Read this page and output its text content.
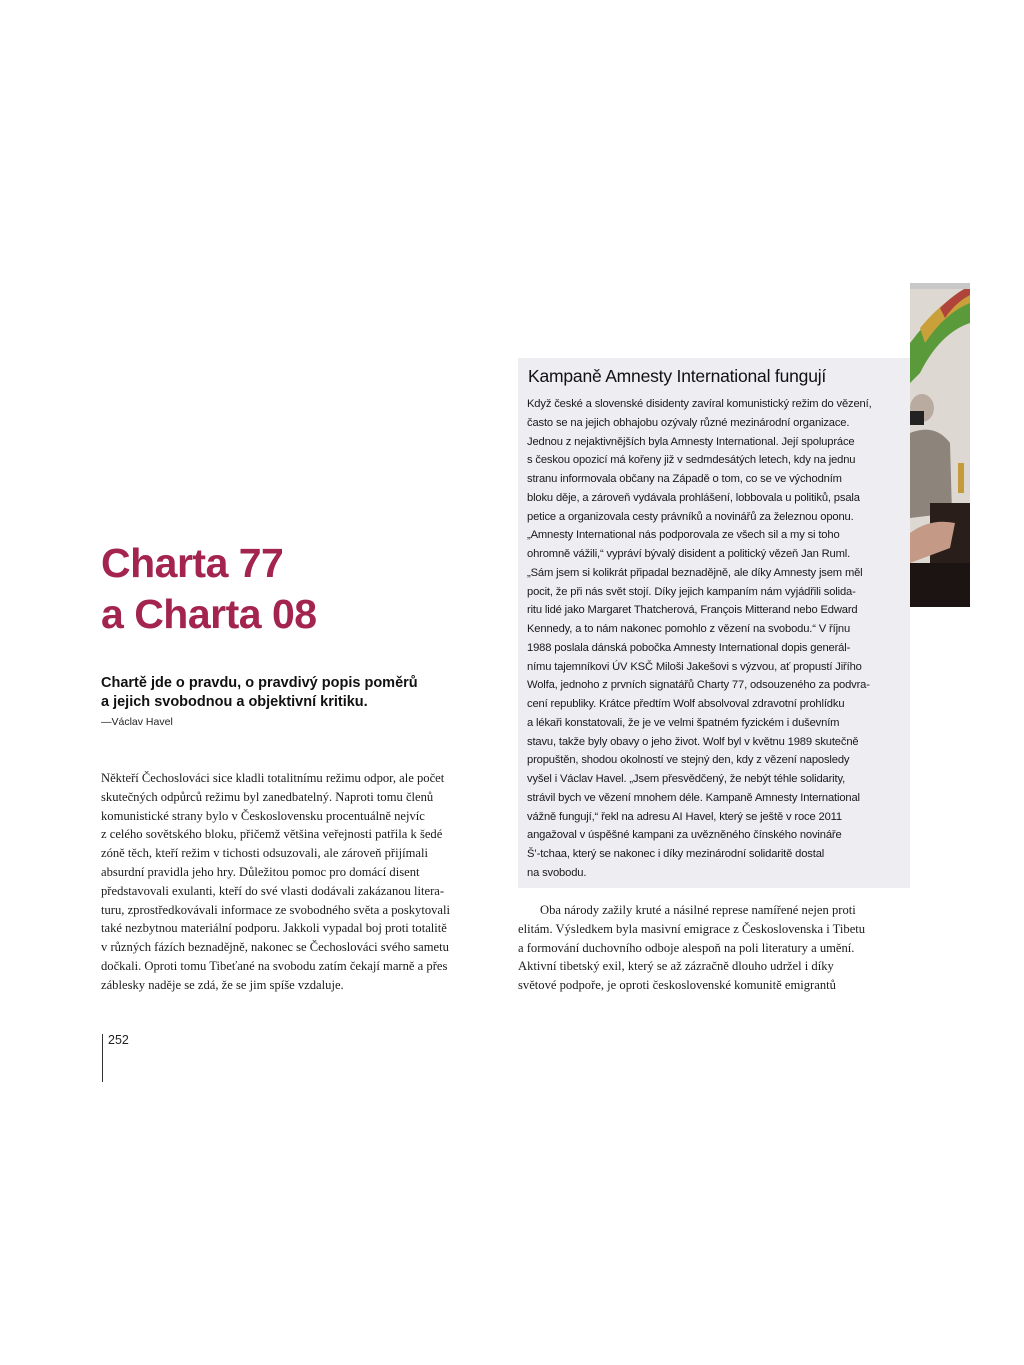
Charta 77
a Charta 08
Chartě jde o pravdu, o pravdivý popis poměrů
a jejich svobodnou a objektivní kritiku.
—Václav Havel
Někteří Čechoslováci sice kladli totalitnímu režimu odpor, ale počet
skutečných odpůrců režimu byl zanedbatelný. Naproti tomu členů
komunistické strany bylo v Československu procentuálně nejvíc
z celého sovětského bloku, přičemž většina veřejnosti patřila k šedé
zóně těch, kteří režim v tichosti odsuzovali, ale zároveň přijímali
absurdní pravidla jeho hry. Důležitou pomoc pro domácí disent
představovali exulanti, kteří do své vlasti dodávali zakázanou litera-
turu, zprostředkovávali informace ze svobodného světa a poskytovali
také nezbytnou materiální podporu. Jakkoli vypadal boj proti totalitě
v různých fázích beznadějně, nakonec se Čechoslováci svého sametu
dočkali. Oproti tomu Tibeťané na svobodu zatím čekají marně a přes
záblesky naděje se zdá, že se jim spíše vzdaluje.
Kampaně Amnesty International fungují
Když české a slovenské disidenty zavíral komunistický režim do vězení,
často se na jejich obhajobu ozývaly různé mezinárodní organizace.
Jednou z nejaktivnějších byla Amnesty International. Její spolupráce
s českou opozicí má kořeny již v sedmdesátých letech, kdy na jednu
stranu informovala občany na Západě o tom, co se ve východním
bloku děje, a zároveň vydávala prohlášení, lobbovala u politiků, psala
petice a organizovala cesty právníků a novinářů za železnou oponu.
„Amnesty International nás podporovala ze všech sil a my si toho
ohromně vážili,“ vypráví bývalý disident a politický vězeň Jan Ruml.
„Sám jsem si kolikrát připadal beznadějně, ale díky Amnesty jsem měl
pocit, že při nás svět stojí. Díky jejich kampaním nám vyjádřili solida-
ritu lidé jako Margaret Thatcherová, François Mitterand nebo Edward
Kennedy, a to nám nakonec pomohlo z vězení na svobodu.“ V říjnu
1988 poslala dánská pobočka Amnesty International dopis generál-
nímu tajemníkovi ÚV KSČ Miloši Jakešovi s výzvou, ať propustí Jiřího
Wolfa, jednoho z prvních signatářů Charty 77, odsouzeného za podvra-
cení republiky. Krátce předtím Wolf absolvoval zdravotní prohlídku
a lékaři konstatovali, že je ve velmi špatném fyzickém i duševním
stavu, takže byly obavy o jeho život. Wolf byl v květnu 1989 skutečně
propuštěn, shodou okolností ve stejný den, kdy z vězení naposledy
vyšel i Václav Havel. „Jsem přesvědčený, že nebýt téhle solidarity,
strávil bych ve vězení mnohem déle. Kampaně Amnesty International
vážně fungují,“ řekl na adresu AI Havel, který se ještě v roce 2011
angažoval v úspěšné kampani za uvězněného čínského novináře
Š’-tchaa, který se nakonec i díky mezinárodní solidaritě dostal
na svobodu.
Oba národy zažily kruté a násilné represe namířené nejen proti
elitám. Výsledkem byla masivní emigrace z Československa i Tibetu
a formování duchovního odboje alespoň na poli literatury a umění.
Aktivní tibetský exil, který se až zázračně dlouho udržel i díky
světové podpoře, je oproti československé komunitě emigrantů
252
